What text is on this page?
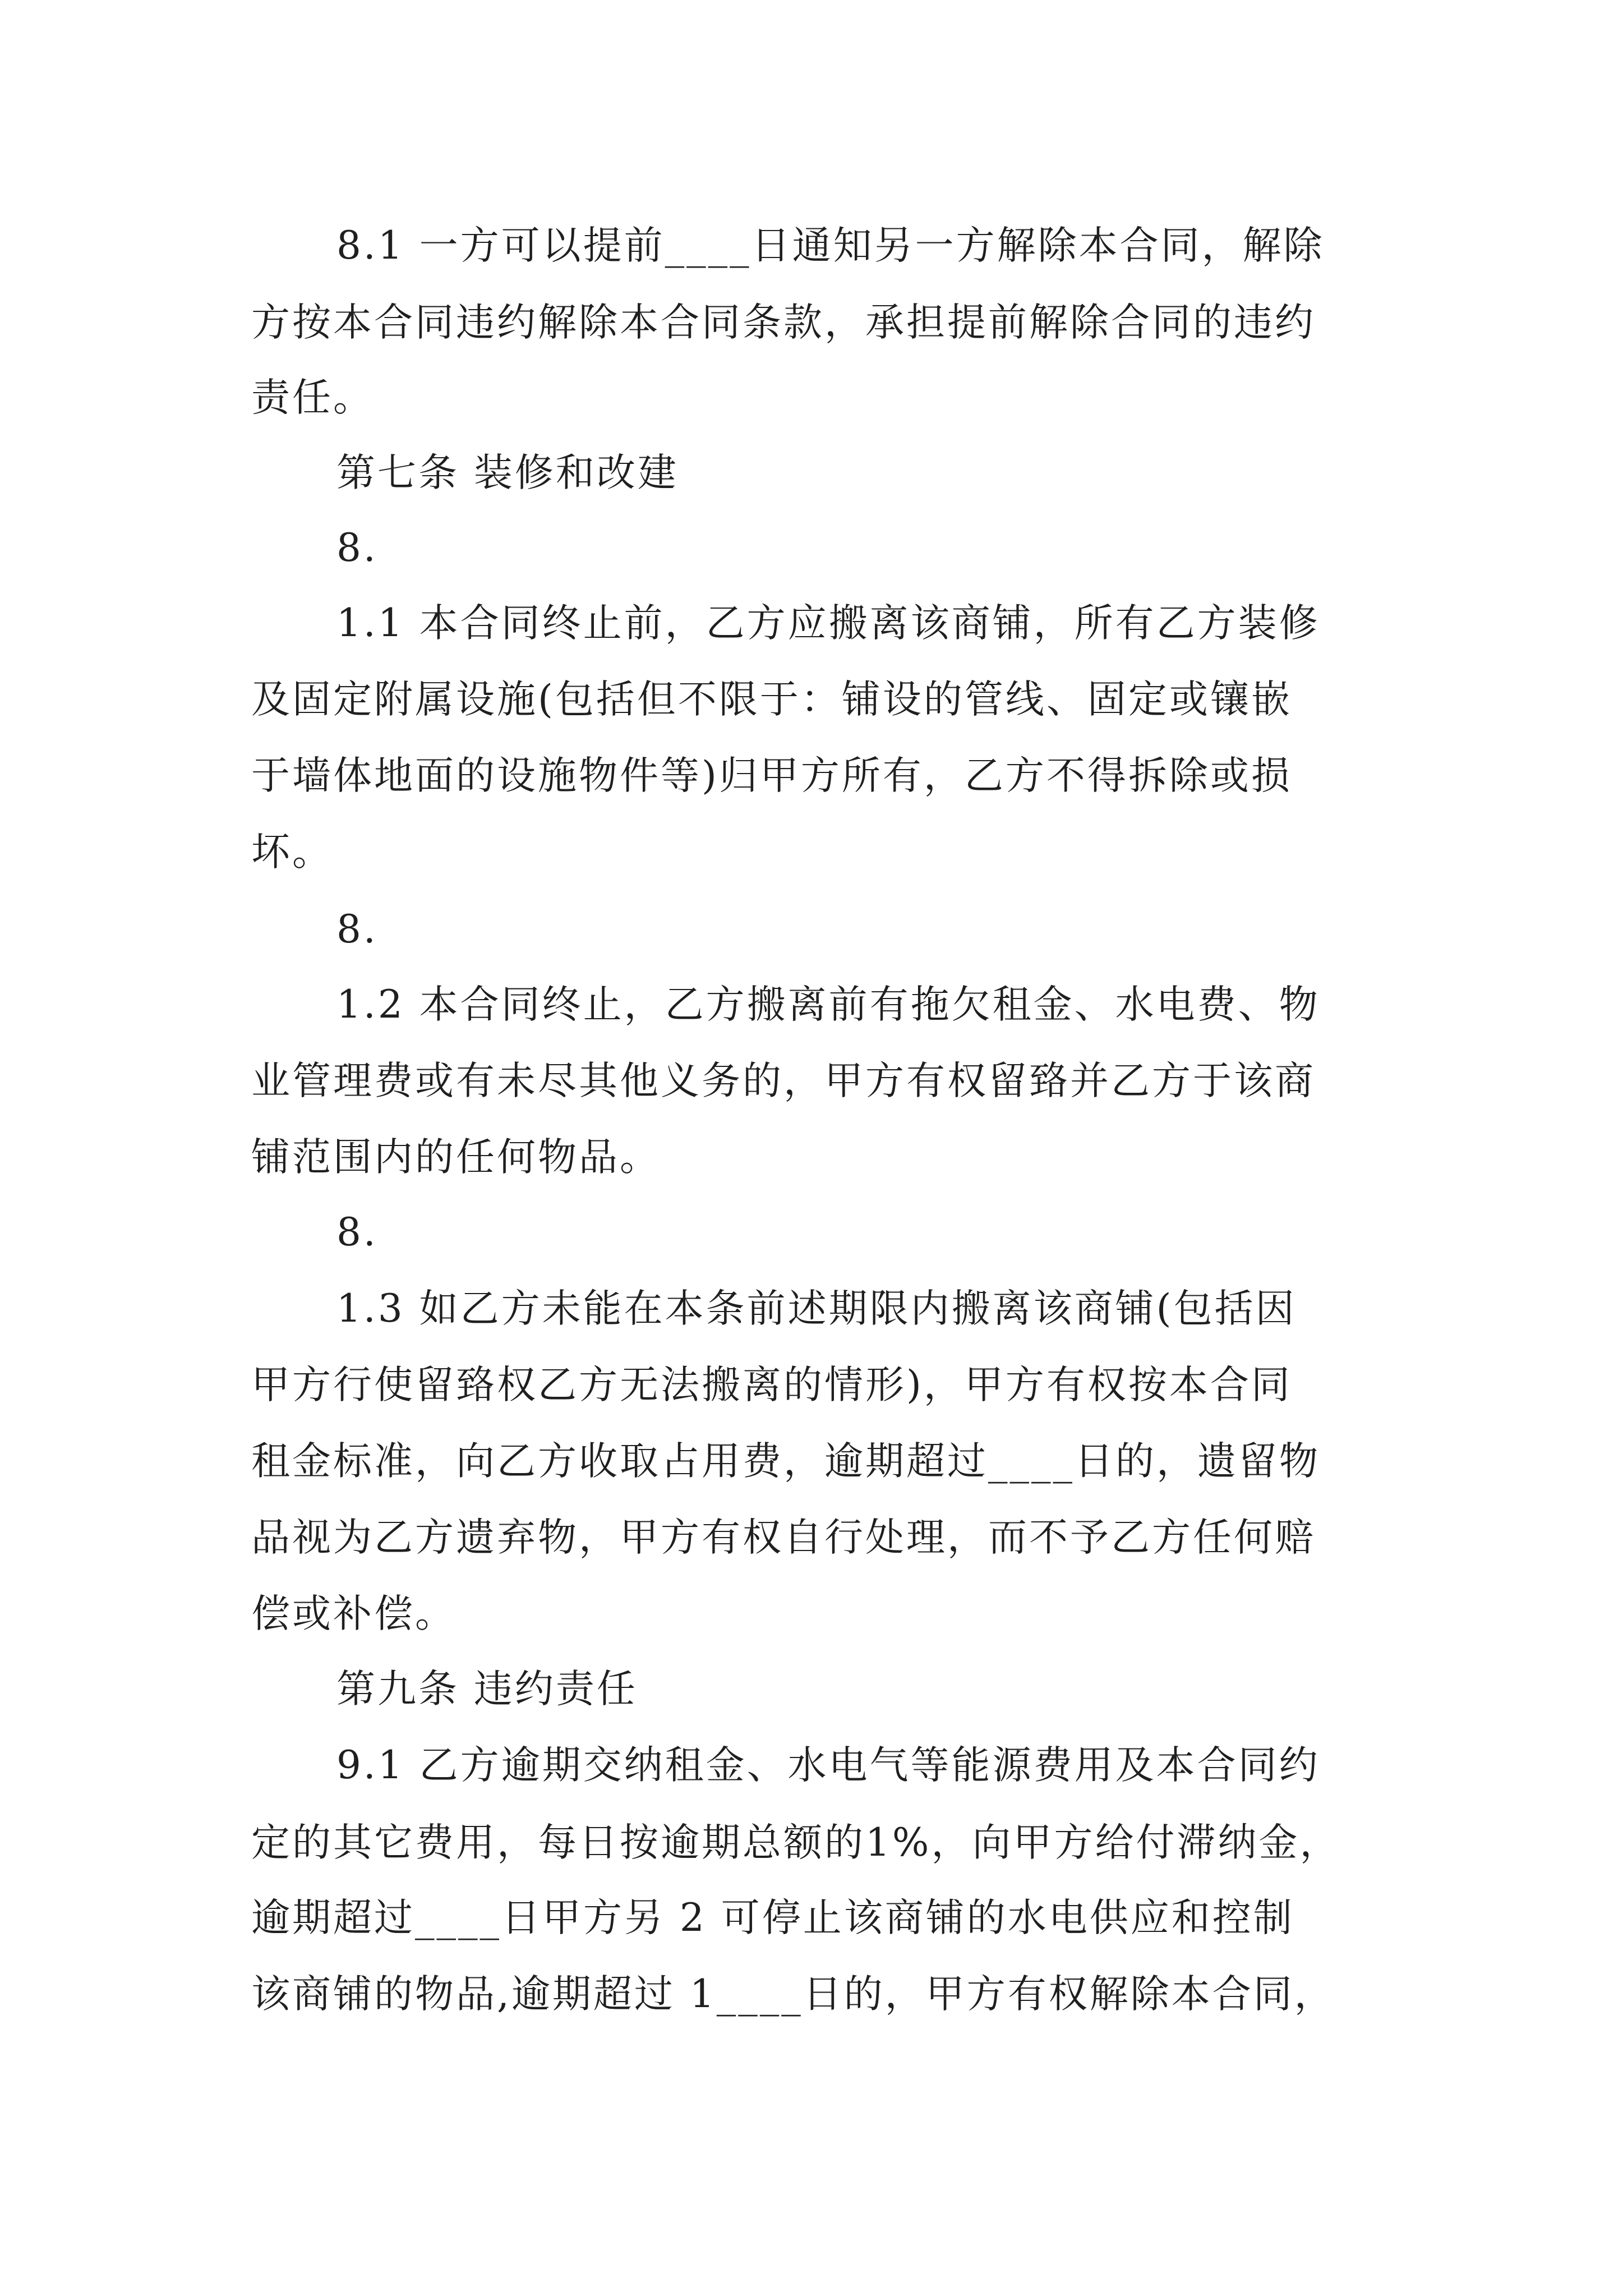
8.1 一方可以提前____日通知另一方解除本合同，解除
方按本合同违约解除本合同条款，承担提前解除合同的违约
责任。
第七条 装修和改建
8.
1.1 本合同终止前，乙方应搬离该商铺，所有乙方装修
及固定附属设施(包括但不限于：铺设的管线、固定或镶嵌
于墙体地面的设施物件等)归甲方所有，乙方不得拆除或损
坏。
8.
1.2 本合同终止，乙方搬离前有拖欠租金、水电费、物
业管理费或有未尽其他义务的，甲方有权留臵并乙方于该商
铺范围内的任何物品。
8.
1.3 如乙方未能在本条前述期限内搬离该商铺(包括因
甲方行使留臵权乙方无法搬离的情形)，甲方有权按本合同
租金标准，向乙方收取占用费，逾期超过____日的，遗留物
品视为乙方遗弃物，甲方有权自行处理，而不予乙方任何赔
偿或补偿。
第九条 违约责任
9.1 乙方逾期交纳租金、水电气等能源费用及本合同约
定的其它费用，每日按逾期总额的1%，向甲方给付滞纳金，
逾期超过____日甲方另 2 可停止该商铺的水电供应和控制
该商铺的物品,逾期超过 1____日的，甲方有权解除本合同，
